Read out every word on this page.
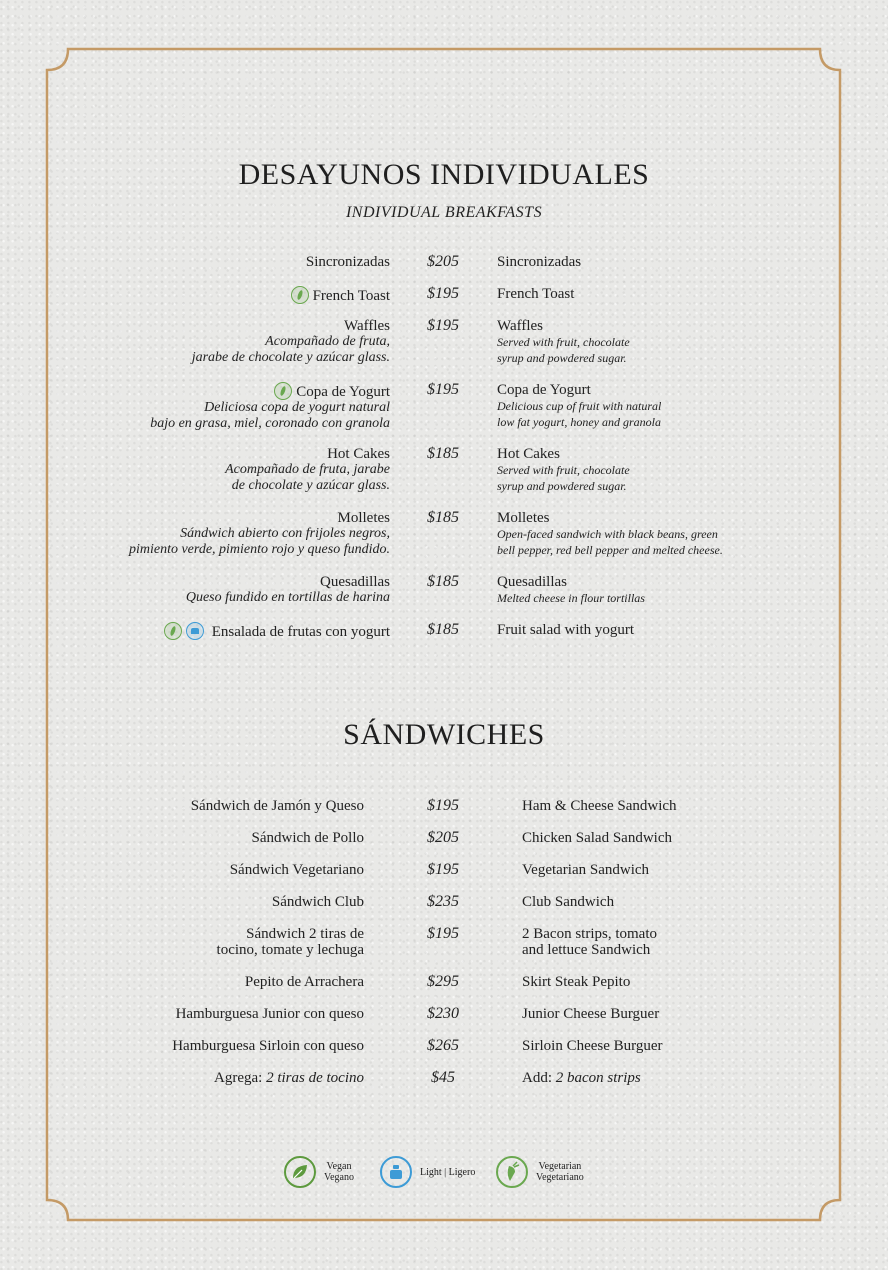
DESAYUNOS INDIVIDUALES
INDIVIDUAL BREAKFASTS
Sincronizadas	$205	Sincronizadas
French Toast	$195	French Toast
Waffles
Acompañado de fruta,
jarabe de chocolate y azúcar glass.
$195	Waffles
Served with fruit, chocolate
syrup and powdered sugar.
Copa de Yogurt
Deliciosa copa de yogurt natural
bajo en grasa, miel, coronado con granola
$195	Copa de Yogurt
Delicious cup of fruit with natural
low fat yogurt, honey and granola
Hot Cakes
Acompañado de fruta, jarabe
de chocolate y azúcar glass.
$185	Hot Cakes
Served with fruit, chocolate
syrup and powdered sugar.
Molletes
Sándwich abierto con frijoles negros,
pimiento verde, pimiento rojo y queso fundido.
$185	Molletes
Open-faced sandwich with black beans, green
bell pepper, red bell pepper and melted cheese.
Quesadillas
Queso fundido en tortillas de harina
$185	Quesadillas
Melted cheese in flour tortillas
Ensalada de frutas con yogurt	$185	Fruit salad with yogurt
SÁNDWICHES
Sándwich de Jamón y Queso	$195	Ham & Cheese Sandwich
Sándwich de Pollo	$205	Chicken Salad Sandwich
Sándwich Vegetariano	$195	Vegetarian Sandwich
Sándwich Club	$235	Club Sandwich
Sándwich 2 tiras de
tocino, tomate y lechuga
$195	2 Bacon strips, tomato
and lettuce Sandwich
Pepito de Arrachera	$295	Skirt Steak Pepito
Hamburguesa Junior con queso	$230	Junior Cheese Burguer
Hamburguesa Sirloin con queso	$265	Sirloin Cheese Burguer
Agrega: 2 tiras de tocino	$45	Add: 2 bacon strips
Vegan
Vegano	Light | Ligero	Vegetarian
Vegetariano
